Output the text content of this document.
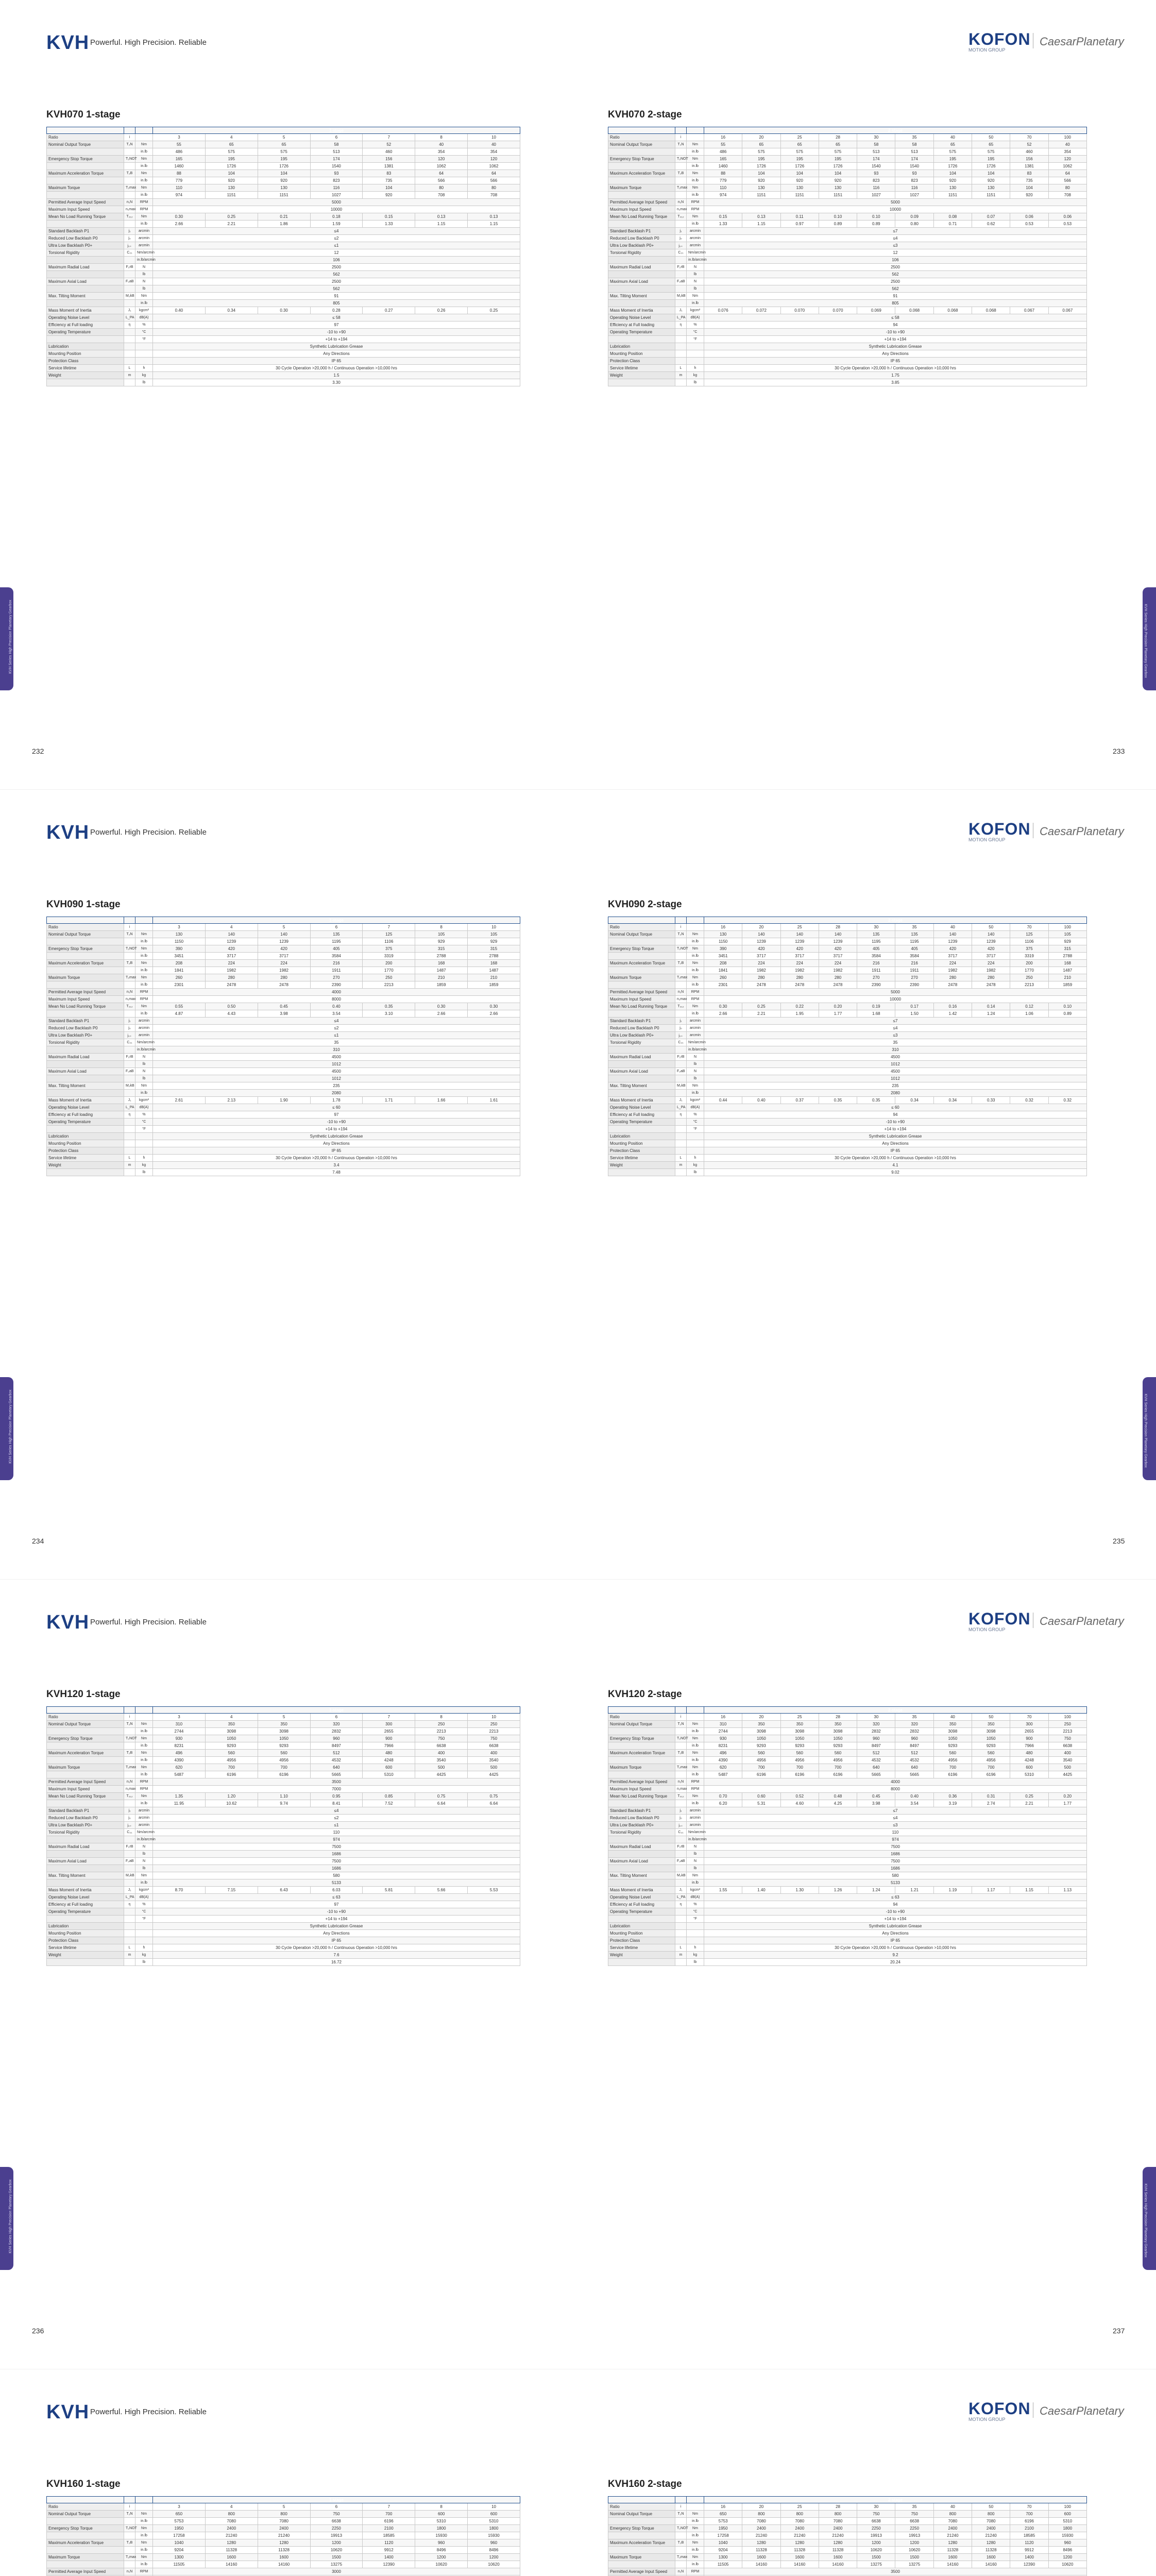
KVH Powerful. High Precision. Reliable	KOFON
MOTION GROUP
CaesarPlanetary
KVH070 1-stage
			1-stage						
Ratio	i		3	4	5	6	7	8	10
Nominal Output Torque	T₂N	Nm	55	65	65	58	52	40	40
		in.lb	486	575	575	513	460	354	354
Emergency Stop Torque	T₂NOT	Nm	165	195	195	174	156	120	120
		in.lb	1460	1726	1726	1540	1381	1062	1062
Maximum Acceleration Torque	T₂B	Nm	88	104	104	93	83	64	64
		in.lb	779	920	920	823	735	566	566
Maximum Torque	T₂max	Nm	110	130	130	116	104	80	80
		in.lb	974	1151	1151	1027	920	708	708
Permitted Average Input Speed	n₁N	RPM	5000						
Maximum Input Speed	n₁max	RPM	10000						
Mean No Load Running Torque	T₀₁₂	Nm	0.30	0.25	0.21	0.18	0.15	0.13	0.13
		in.lb	2.66	2.21	1.86	1.59	1.33	1.15	1.15
Standard Backlash P1	j₁	arcmin	≤4						
Reduced Low Backlash P0	j₀	arcmin	≤2						
Ultra Low Backlash P0+	j₀₊	arcmin	≤1						
Torsional Rigidity	C₂₁	Nm/arcmin	12						
		in.lb/arcmin	106						
Maximum Radial Load	F₂rB	N	2500						
		lb	562						
Maximum Axial Load	F₂aB	N	2500						
		lb	562						
Max. Tilting Moment	M₂kB	Nm	91						
		in.lb	805						
Mass Moment of Inertia	J₁	kgcm²	0.40	0.34	0.30	0.28	0.27	0.26	0.25
Operating Noise Level	L_PA	dB(A)	≤ 58						
Efficiency at Full loading	η	%	97						
Operating Temperature		°C	-10 to +90						
		°F	+14 to +194						
Lubrication			Synthetic Lubrication Grease						
Mounting Position			Any Directions						
Protection Class			IP 65						
Service lifetime	L	h	30 Cycle Operation >20,000 h / Continuous Operation >10,000 hrs						
Weight	m	kg	1.5						
		lb	3.30						
232
KVH070 2-stage
			2-stage									
Ratio	i		16	20	25	28	30	35	40	50	70	100
Nominal Output Torque	T₂N	Nm	55	65	65	65	58	58	65	65	52	40
		in.lb	486	575	575	575	513	513	575	575	460	354
Emergency Stop Torque	T₂NOT	Nm	165	195	195	195	174	174	195	195	156	120
		in.lb	1460	1726	1726	1726	1540	1540	1726	1726	1381	1062
Maximum Acceleration Torque	T₂B	Nm	88	104	104	104	93	93	104	104	83	64
		in.lb	779	920	920	920	823	823	920	920	735	566
Maximum Torque	T₂max	Nm	110	130	130	130	116	116	130	130	104	80
		in.lb	974	1151	1151	1151	1027	1027	1151	1151	920	708
Permitted Average Input Speed	n₁N	RPM	5000									
Maximum Input Speed	n₁max	RPM	10000									
Mean No Load Running Torque	T₀₁₂	Nm	0.15	0.13	0.11	0.10	0.10	0.09	0.08	0.07	0.06	0.06
		in.lb	1.33	1.15	0.97	0.89	0.89	0.80	0.71	0.62	0.53	0.53
Standard Backlash P1	j₁	arcmin	≤7									
Reduced Low Backlash P0	j₀	arcmin	≤4									
Ultra Low Backlash P0+	j₀₊	arcmin	≤3									
Torsional Rigidity	C₂₁	Nm/arcmin	12									
		in.lb/arcmin	106									
Maximum Radial Load	F₂rB	N	2500									
		lb	562									
Maximum Axial Load	F₂aB	N	2500									
		lb	562									
Max. Tilting Moment	M₂kB	Nm	91									
		in.lb	805									
Mass Moment of Inertia	J₁	kgcm²	0.076	0.072	0.070	0.070	0.069	0.068	0.068	0.068	0.067	0.067
Operating Noise Level	L_PA	dB(A)	≤ 58									
Efficiency at Full loading	η	%	94									
Operating Temperature		°C	-10 to +90									
		°F	+14 to +194									
Lubrication			Synthetic Lubrication Grease									
Mounting Position			Any Directions									
Protection Class			IP 65									
Service lifetime	L	h	30 Cycle Operation >20,000 h / Continuous Operation >10,000 hrs									
Weight	m	kg	1.75									
		lb	3.85									
233
KVH Series High Precision Planetary Gearbox	KVH Series High Precision Planetary Gearbox
KVH Powerful. High Precision. Reliable	KOFON
MOTION GROUP
CaesarPlanetary
KVH090 1-stage
			1-stage						
Ratio	i		3	4	5	6	7	8	10
Nominal Output Torque	T₂N	Nm	130	140	140	135	125	105	105
		in.lb	1150	1239	1239	1195	1106	929	929
Emergency Stop Torque	T₂NOT	Nm	390	420	420	405	375	315	315
		in.lb	3451	3717	3717	3584	3319	2788	2788
Maximum Acceleration Torque	T₂B	Nm	208	224	224	216	200	168	168
		in.lb	1841	1982	1982	1911	1770	1487	1487
Maximum Torque	T₂max	Nm	260	280	280	270	250	210	210
		in.lb	2301	2478	2478	2390	2213	1859	1859
Permitted Average Input Speed	n₁N	RPM	4000						
Maximum Input Speed	n₁max	RPM	8000						
Mean No Load Running Torque	T₀₁₂	Nm	0.55	0.50	0.45	0.40	0.35	0.30	0.30
		in.lb	4.87	4.43	3.98	3.54	3.10	2.66	2.66
Standard Backlash P1	j₁	arcmin	≤4						
Reduced Low Backlash P0	j₀	arcmin	≤2						
Ultra Low Backlash P0+	j₀₊	arcmin	≤1						
Torsional Rigidity	C₂₁	Nm/arcmin	35						
		in.lb/arcmin	310						
Maximum Radial Load	F₂rB	N	4500						
		lb	1012						
Maximum Axial Load	F₂aB	N	4500						
		lb	1012						
Max. Tilting Moment	M₂kB	Nm	235						
		in.lb	2080						
Mass Moment of Inertia	J₁	kgcm²	2.61	2.13	1.90	1.78	1.71	1.66	1.61
Operating Noise Level	L_PA	dB(A)	≤ 60						
Efficiency at Full loading	η	%	97						
Operating Temperature		°C	-10 to +90						
		°F	+14 to +194						
Lubrication			Synthetic Lubrication Grease						
Mounting Position			Any Directions						
Protection Class			IP 65						
Service lifetime	L	h	30 Cycle Operation >20,000 h / Continuous Operation >10,000 hrs						
Weight	m	kg	3.4						
		lb	7.48						
234
KVH090 2-stage
			2-stage									
Ratio	i		16	20	25	28	30	35	40	50	70	100
Nominal Output Torque	T₂N	Nm	130	140	140	140	135	135	140	140	125	105
		in.lb	1150	1239	1239	1239	1195	1195	1239	1239	1106	929
Emergency Stop Torque	T₂NOT	Nm	390	420	420	420	405	405	420	420	375	315
		in.lb	3451	3717	3717	3717	3584	3584	3717	3717	3319	2788
Maximum Acceleration Torque	T₂B	Nm	208	224	224	224	216	216	224	224	200	168
		in.lb	1841	1982	1982	1982	1911	1911	1982	1982	1770	1487
Maximum Torque	T₂max	Nm	260	280	280	280	270	270	280	280	250	210
		in.lb	2301	2478	2478	2478	2390	2390	2478	2478	2213	1859
Permitted Average Input Speed	n₁N	RPM	5000									
Maximum Input Speed	n₁max	RPM	10000									
Mean No Load Running Torque	T₀₁₂	Nm	0.30	0.25	0.22	0.20	0.19	0.17	0.16	0.14	0.12	0.10
		in.lb	2.66	2.21	1.95	1.77	1.68	1.50	1.42	1.24	1.06	0.89
Standard Backlash P1	j₁	arcmin	≤7									
Reduced Low Backlash P0	j₀	arcmin	≤4									
Ultra Low Backlash P0+	j₀₊	arcmin	≤3									
Torsional Rigidity	C₂₁	Nm/arcmin	35									
		in.lb/arcmin	310									
Maximum Radial Load	F₂rB	N	4500									
		lb	1012									
Maximum Axial Load	F₂aB	N	4500									
		lb	1012									
Max. Tilting Moment	M₂kB	Nm	235									
		in.lb	2080									
Mass Moment of Inertia	J₁	kgcm²	0.44	0.40	0.37	0.35	0.35	0.34	0.34	0.33	0.32	0.32
Operating Noise Level	L_PA	dB(A)	≤ 60									
Efficiency at Full loading	η	%	94									
Operating Temperature		°C	-10 to +90									
		°F	+14 to +194									
Lubrication			Synthetic Lubrication Grease									
Mounting Position			Any Directions									
Protection Class			IP 65									
Service lifetime	L	h	30 Cycle Operation >20,000 h / Continuous Operation >10,000 hrs									
Weight	m	kg	4.1									
		lb	9.02									
235
KVH Series High Precision Planetary Gearbox	KVH Series High Precision Planetary Gearbox
KVH Powerful. High Precision. Reliable	KOFON
MOTION GROUP
CaesarPlanetary
KVH120 1-stage
			1-stage						
Ratio	i		3	4	5	6	7	8	10
Nominal Output Torque	T₂N	Nm	310	350	350	320	300	250	250
		in.lb	2744	3098	3098	2832	2655	2213	2213
Emergency Stop Torque	T₂NOT	Nm	930	1050	1050	960	900	750	750
		in.lb	8231	9293	9293	8497	7966	6638	6638
Maximum Acceleration Torque	T₂B	Nm	496	560	560	512	480	400	400
		in.lb	4390	4956	4956	4532	4248	3540	3540
Maximum Torque	T₂max	Nm	620	700	700	640	600	500	500
		in.lb	5487	6196	6196	5665	5310	4425	4425
Permitted Average Input Speed	n₁N	RPM	3500						
Maximum Input Speed	n₁max	RPM	7000						
Mean No Load Running Torque	T₀₁₂	Nm	1.35	1.20	1.10	0.95	0.85	0.75	0.75
		in.lb	11.95	10.62	9.74	8.41	7.52	6.64	6.64
Standard Backlash P1	j₁	arcmin	≤4						
Reduced Low Backlash P0	j₀	arcmin	≤2						
Ultra Low Backlash P0+	j₀₊	arcmin	≤1						
Torsional Rigidity	C₂₁	Nm/arcmin	110						
		in.lb/arcmin	974						
Maximum Radial Load	F₂rB	N	7500						
		lb	1686						
Maximum Axial Load	F₂aB	N	7500						
		lb	1686						
Max. Tilting Moment	M₂kB	Nm	580						
		in.lb	5133						
Mass Moment of Inertia	J₁	kgcm²	8.70	7.15	6.43	6.03	5.81	5.66	5.53
Operating Noise Level	L_PA	dB(A)	≤ 63						
Efficiency at Full loading	η	%	97						
Operating Temperature		°C	-10 to +90						
		°F	+14 to +194						
Lubrication			Synthetic Lubrication Grease						
Mounting Position			Any Directions						
Protection Class			IP 65						
Service lifetime	L	h	30 Cycle Operation >20,000 h / Continuous Operation >10,000 hrs						
Weight	m	kg	7.6						
		lb	16.72						
236
KVH120 2-stage
			2-stage									
Ratio	i		16	20	25	28	30	35	40	50	70	100
Nominal Output Torque	T₂N	Nm	310	350	350	350	320	320	350	350	300	250
		in.lb	2744	3098	3098	3098	2832	2832	3098	3098	2655	2213
Emergency Stop Torque	T₂NOT	Nm	930	1050	1050	1050	960	960	1050	1050	900	750
		in.lb	8231	9293	9293	9293	8497	8497	9293	9293	7966	6638
Maximum Acceleration Torque	T₂B	Nm	496	560	560	560	512	512	560	560	480	400
		in.lb	4390	4956	4956	4956	4532	4532	4956	4956	4248	3540
Maximum Torque	T₂max	Nm	620	700	700	700	640	640	700	700	600	500
		in.lb	5487	6196	6196	6196	5665	5665	6196	6196	5310	4425
Permitted Average Input Speed	n₁N	RPM	4000									
Maximum Input Speed	n₁max	RPM	8000									
Mean No Load Running Torque	T₀₁₂	Nm	0.70	0.60	0.52	0.48	0.45	0.40	0.36	0.31	0.25	0.20
		in.lb	6.20	5.31	4.60	4.25	3.98	3.54	3.19	2.74	2.21	1.77
Standard Backlash P1	j₁	arcmin	≤7									
Reduced Low Backlash P0	j₀	arcmin	≤4									
Ultra Low Backlash P0+	j₀₊	arcmin	≤3									
Torsional Rigidity	C₂₁	Nm/arcmin	110									
		in.lb/arcmin	974									
Maximum Radial Load	F₂rB	N	7500									
		lb	1686									
Maximum Axial Load	F₂aB	N	7500									
		lb	1686									
Max. Tilting Moment	M₂kB	Nm	580									
		in.lb	5133									
Mass Moment of Inertia	J₁	kgcm²	1.55	1.40	1.30	1.26	1.24	1.21	1.19	1.17	1.15	1.13
Operating Noise Level	L_PA	dB(A)	≤ 63									
Efficiency at Full loading	η	%	94									
Operating Temperature		°C	-10 to +90									
		°F	+14 to +194									
Lubrication			Synthetic Lubrication Grease									
Mounting Position			Any Directions									
Protection Class			IP 65									
Service lifetime	L	h	30 Cycle Operation >20,000 h / Continuous Operation >10,000 hrs									
Weight	m	kg	9.2									
		lb	20.24									
237
KVH Series High Precision Planetary Gearbox	KVH Series High Precision Planetary Gearbox
KVH Powerful. High Precision. Reliable	KOFON
MOTION GROUP
CaesarPlanetary
KVH160 1-stage
			1-stage						
Ratio	i		3	4	5	6	7	8	10
Nominal Output Torque	T₂N	Nm	650	800	800	750	700	600	600
		in.lb	5753	7080	7080	6638	6196	5310	5310
Emergency Stop Torque	T₂NOT	Nm	1950	2400	2400	2250	2100	1800	1800
		in.lb	17258	21240	21240	19913	18585	15930	15930
Maximum Acceleration Torque	T₂B	Nm	1040	1280	1280	1200	1120	960	960
		in.lb	9204	11328	11328	10620	9912	8496	8496
Maximum Torque	T₂max	Nm	1300	1600	1600	1500	1400	1200	1200
		in.lb	11505	14160	14160	13275	12390	10620	10620
Permitted Average Input Speed	n₁N	RPM	3000						

KVH160 2-stage
			2-stage									
Ratio	i		16	20	25	28	30	35	40	50	70	100
Nominal Output Torque	T₂N	Nm	650	800	800	800	750	750	800	800	700	600
		in.lb	5753	7080	7080	7080	6638	6638	7080	7080	6196	5310
Emergency Stop Torque	T₂NOT	Nm	1950	2400	2400	2400	2250	2250	2400	2400	2100	1800
		in.lb	17258	21240	21240	21240	19913	19913	21240	21240	18585	15930
Maximum Acceleration Torque	T₂B	Nm	1040	1280	1280	1280	1200	1200	1280	1280	1120	960
		in.lb	9204	11328	11328	11328	10620	10620	11328	11328	9912	8496
Maximum Torque	T₂max	Nm	1300	1600	1600	1600	1500	1500	1600	1600	1400	1200
		in.lb	11505	14160	14160	14160	13275	13275	14160	14160	12390	10620
Permitted Average Input Speed	n₁N	RPM	3500									
